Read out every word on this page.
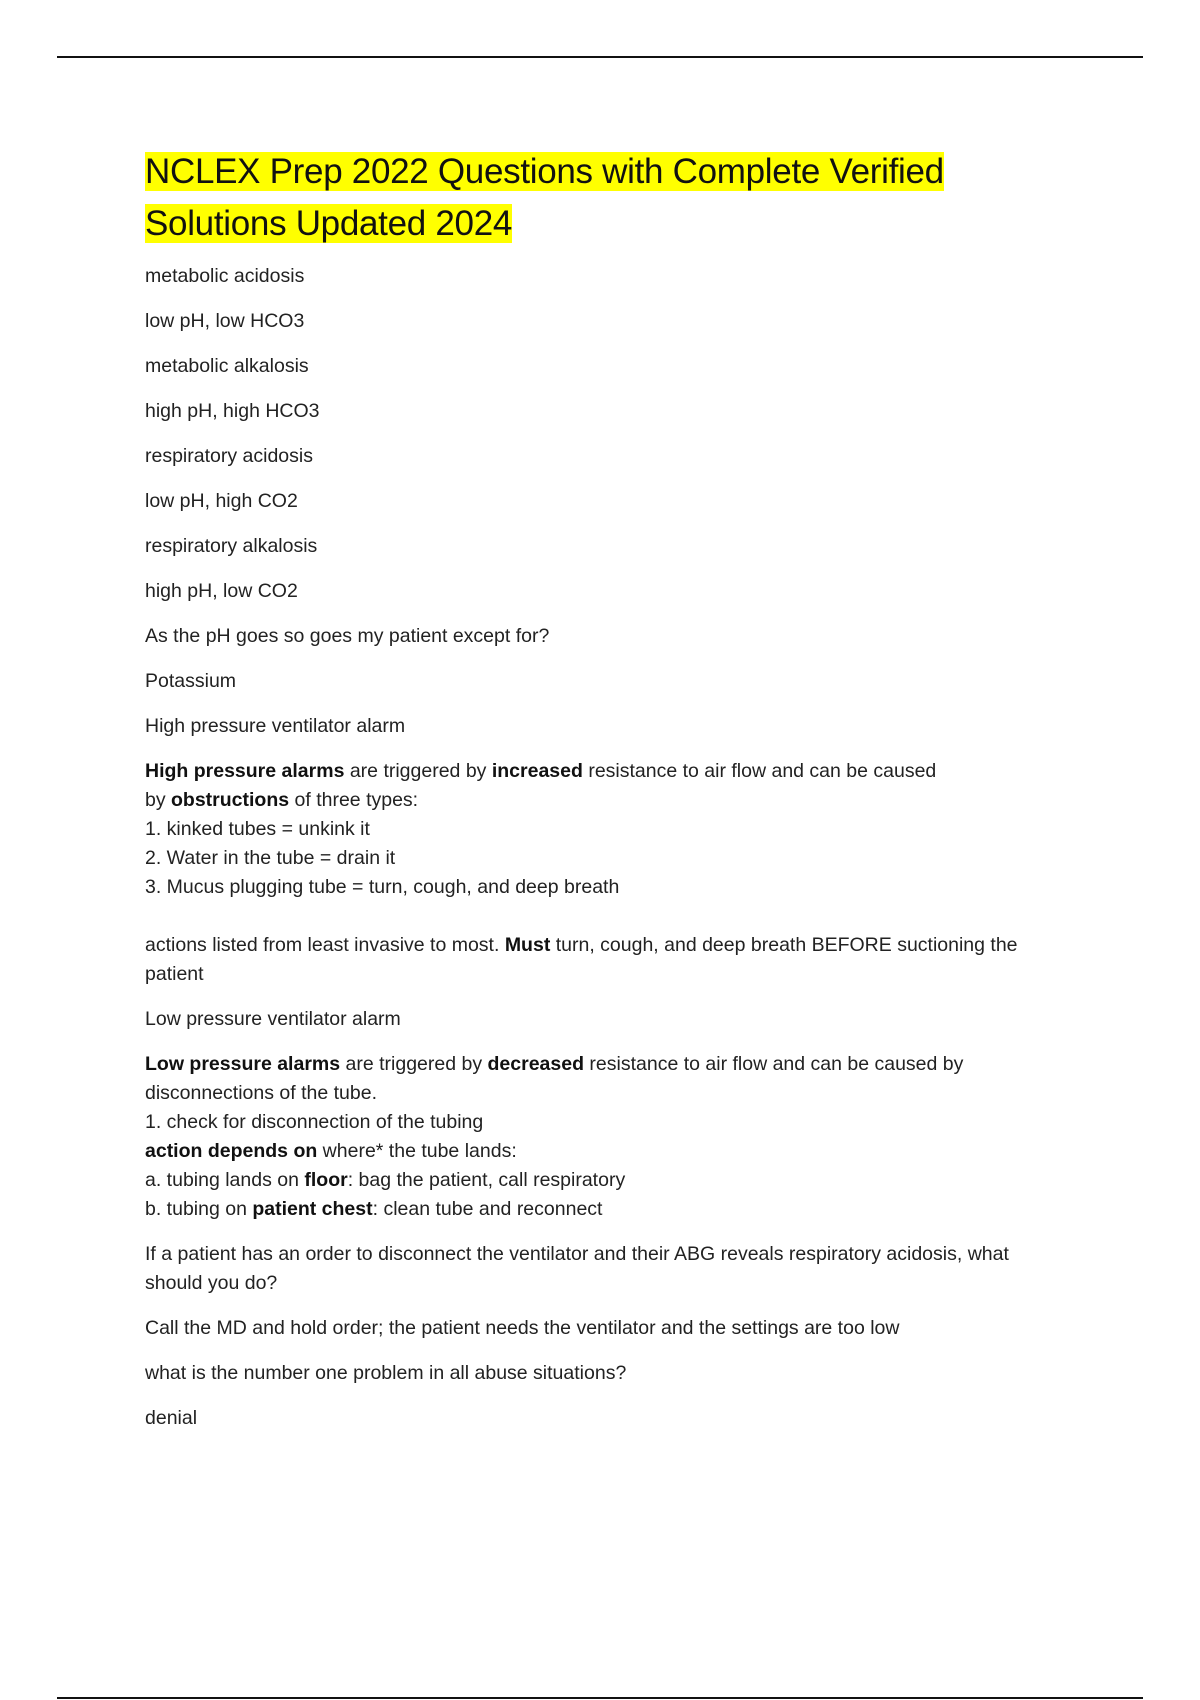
NCLEX Prep 2022 Questions with Complete Verified
Solutions Updated 2024

metabolic acidosis

low pH, low HCO3

metabolic alkalosis

high pH, high HCO3

respiratory acidosis

low pH, high CO2

respiratory alkalosis

high pH, low CO2

As the pH goes so goes my patient except for?

Potassium

High pressure ventilator alarm

High pressure alarms are triggered by increased resistance to air flow and can be caused
by obstructions of three types:
1. kinked tubes = unkink it
2. Water in the tube = drain it
3. Mucus plugging tube = turn, cough, and deep breath

actions listed from least invasive to most. Must turn, cough, and deep breath BEFORE suctioning the patient

Low pressure ventilator alarm

Low pressure alarms are triggered by decreased resistance to air flow and can be caused by disconnections of the tube.
1. check for disconnection of the tubing
action depends on where* the tube lands:
a. tubing lands on floor: bag the patient, call respiratory
b. tubing on patient chest: clean tube and reconnect

If a patient has an order to disconnect the ventilator and their ABG reveals respiratory acidosis, what should you do?

Call the MD and hold order; the patient needs the ventilator and the settings are too low

what is the number one problem in all abuse situations?

denial
